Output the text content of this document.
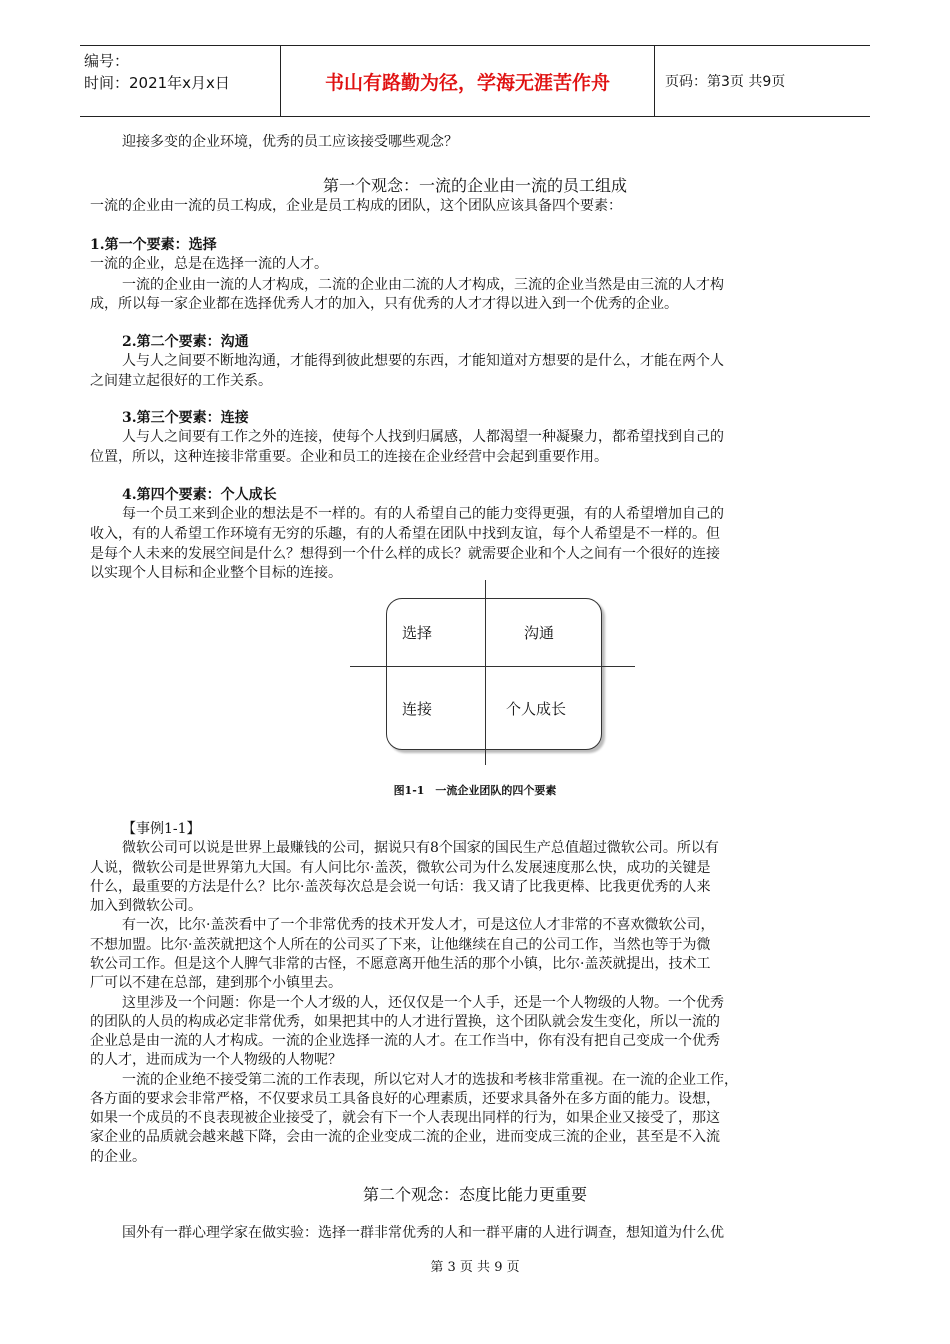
编号：
时间：2021年x月x日	书山有路勤为径，学海无涯苦作舟	页码：第3页 共9页
迎接多变的企业环境，优秀的员工应该接受哪些观念？
第一个观念：一流的企业由一流的员工组成
一流的企业由一流的员工构成，企业是员工构成的团队，这个团队应该具备四个要素：
1.第一个要素：选择
一流的企业，总是在选择一流的人才。
一流的企业由一流的人才构成，二流的企业由二流的人才构成，三流的企业当然是由三流的人才构
成，所以每一家企业都在选择优秀人才的加入，只有优秀的人才才得以进入到一个优秀的企业。
2.第二个要素：沟通
人与人之间要不断地沟通，才能得到彼此想要的东西，才能知道对方想要的是什么，才能在两个人
之间建立起很好的工作关系。
3.第三个要素：连接
人与人之间要有工作之外的连接，使每个人找到归属感，人都渴望一种凝聚力，都希望找到自己的
位置，所以，这种连接非常重要。企业和员工的连接在企业经营中会起到重要作用。
4.第四个要素：个人成长
每一个员工来到企业的想法是不一样的。有的人希望自己的能力变得更强，有的人希望增加自己的
收入，有的人希望工作环境有无穷的乐趣，有的人希望在团队中找到友谊，每个人希望是不一样的。但
是每个人未来的发展空间是什么？想得到一个什么样的成长？就需要企业和个人之间有一个很好的连接
以实现个人目标和企业整个目标的连接。
选择	沟通
连接	个人成长
图1-1　一流企业团队的四个要素
【事例1-1】
微软公司可以说是世界上最赚钱的公司，据说只有8个国家的国民生产总值超过微软公司。所以有
人说，微软公司是世界第九大国。有人问比尔·盖茨，微软公司为什么发展速度那么快，成功的关键是
什么，最重要的方法是什么？比尔·盖茨每次总是会说一句话：我又请了比我更棒、比我更优秀的人来
加入到微软公司。
有一次，比尔·盖茨看中了一个非常优秀的技术开发人才，可是这位人才非常的不喜欢微软公司，
不想加盟。比尔·盖茨就把这个人所在的公司买了下来，让他继续在自己的公司工作，当然也等于为微
软公司工作。但是这个人脾气非常的古怪，不愿意离开他生活的那个小镇，比尔·盖茨就提出，技术工
厂可以不建在总部，建到那个小镇里去。
这里涉及一个问题：你是一个人才级的人，还仅仅是一个人手，还是一个人物级的人物。一个优秀
的团队的人员的构成必定非常优秀，如果把其中的人才进行置换，这个团队就会发生变化，所以一流的
企业总是由一流的人才构成。一流的企业选择一流的人才。在工作当中，你有没有把自己变成一个优秀
的人才，进而成为一个人物级的人物呢？
一流的企业绝不接受第二流的工作表现，所以它对人才的选拔和考核非常重视。在一流的企业工作，
各方面的要求会非常严格，不仅要求员工具备良好的心理素质，还要求具备外在多方面的能力。设想，
如果一个成员的不良表现被企业接受了，就会有下一个人表现出同样的行为，如果企业又接受了，那这
家企业的品质就会越来越下降，会由一流的企业变成二流的企业，进而变成三流的企业，甚至是不入流
的企业。
第二个观念：态度比能力更重要
国外有一群心理学家在做实验：选择一群非常优秀的人和一群平庸的人进行调查，想知道为什么优
第 3 页 共 9 页
